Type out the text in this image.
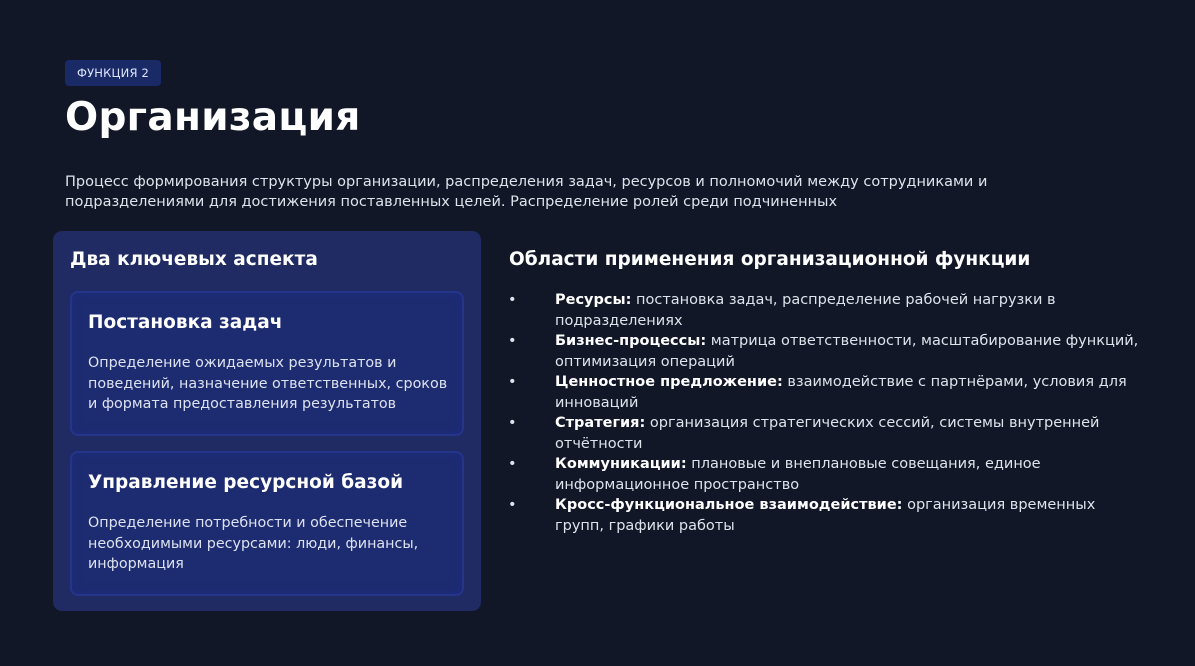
ФУНКЦИЯ 2
Организация
Процесс формирования структуры организации, распределения задач, ресурсов и полномочий между сотрудниками и подразделениями для достижения поставленных целей. Распределение ролей среди подчиненных
Два ключевых аспекта
Постановка задач
Определение ожидаемых результатов и поведений, назначение ответственных, сроков и формата предоставления результатов
Управление ресурсной базой
Определение потребности и обеспечение необходимыми ресурсами: люди, финансы, информация
Области применения организационной функции
•	Ресурсы: постановка задач, распределение рабочей нагрузки в подразделениях
•	Бизнес-процессы: матрица ответственности, масштабирование функций, оптимизация операций
•	Ценностное предложение: взаимодействие с партнёрами, условия для инноваций
•	Стратегия: организация стратегических сессий, системы внутренней отчётности
•	Коммуникации: плановые и внеплановые совещания, единое информационное пространство
•	Кросс-функциональное взаимодействие: организация временных групп, графики работы
